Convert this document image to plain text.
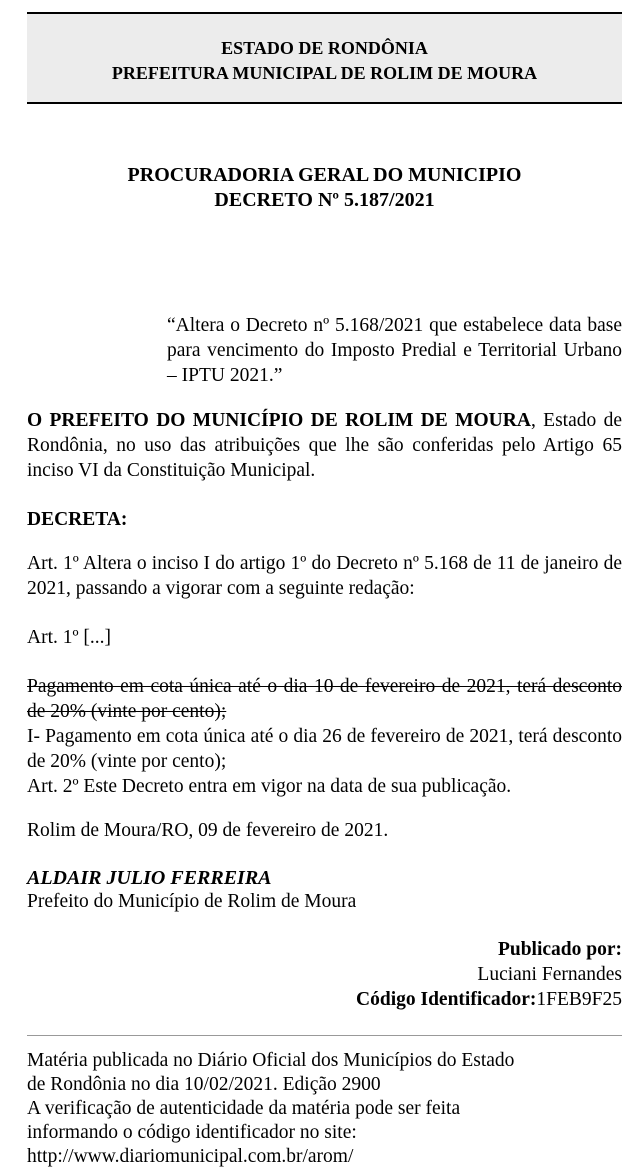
ESTADO DE RONDÔNIA
PREFEITURA MUNICIPAL DE ROLIM DE MOURA
PROCURADORIA GERAL DO MUNICIPIO
DECRETO Nº 5.187/2021
“Altera o Decreto nº 5.168/2021 que estabelece data base para vencimento do Imposto Predial e Territorial Urbano – IPTU 2021.”
O PREFEITO DO MUNICÍPIO DE ROLIM DE MOURA, Estado de Rondônia, no uso das atribuições que lhe são conferidas pelo Artigo 65 inciso VI da Constituição Municipal.
DECRETA:
Art. 1º Altera o inciso I do artigo 1º do Decreto nº 5.168 de 11 de janeiro de 2021, passando a vigorar com a seguinte redação:
Art. 1º [...]
Pagamento em cota única até o dia 10 de fevereiro de 2021, terá desconto de 20% (vinte por cento);
I- Pagamento em cota única até o dia 26 de fevereiro de 2021, terá desconto de 20% (vinte por cento);
Art. 2º Este Decreto entra em vigor na data de sua publicação.
Rolim de Moura/RO, 09 de fevereiro de 2021.
ALDAIR JULIO FERREIRA
Prefeito do Município de Rolim de Moura
Publicado por:
Luciani Fernandes
Código Identificador:1FEB9F25
Matéria publicada no Diário Oficial dos Municípios do Estado
de Rondônia no dia 10/02/2021. Edição 2900
A verificação de autenticidade da matéria pode ser feita
informando o código identificador no site:
http://www.diariomunicipal.com.br/arom/
